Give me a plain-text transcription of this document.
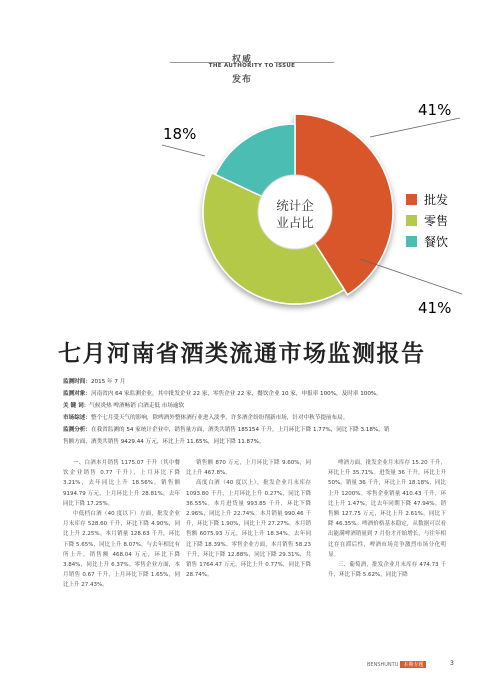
权威
THE AUTHORITY TO ISSUE
发布
41%
41%
18%
统计企
业占比
批发
零售
餐饮
七月河南省酒类流通市场监测报告
监测时间：2015 年 7 月
监测对象：河南省内 64 家监测企业，其中批发企业 22 家，零售企业 22 家，餐饮企业 10 家，申报率 100%，及时率 100%。
关 键 词：气候炎热 啤酒畅销 白酒走低 市场逾软
市场综述：整个七月受天气的影响，除啤酒外整体酒行业进入淡季，许多酒企纷纷削新市场，针对中秋节提前布局。
监测分析：在我省监测的 54 家统计企业中，销售量方面，酒类共销售 185154 千升，上月环比下降 1.77%，同比下降 3.18%。销
售额方面，酒类共销售 9429.44 万元，环比上升 11.65%，同比下降 11.87%。

一、白酒本月销售 1175.07 千升（其中餐饮企业销售 0.77 千升），上月环比下降 3.21%，去年同比上升 18.56%。销售额 9194.79 万元，上月环比上升 28.81%，去年同比下降 17.25%。

中低档白酒（40 度以下）方面，批发企业月末库存 528.60 千升，环比下降 4.90%，同比上升 2.25%。本月销量 128.63 千升，环比下降 5.65%，同比上升 8.07%。与去年相比有所上升，销售额 468.04 万元，环比下降 3.84%，同比上升 6.37%。零售企业方面，本月销售 0.67 千升，上月环比下降 1.65%，同比上升 27.43%。

销售额 870 万元，上月环比下降 9.60%，同比上升 467.8%。

高度白酒（40 度以上），批发企业月末库存 1093.80 千升，上月环比上升 0.27%，同比下降 36.55%。本月进货量 993.85 千升，环比下降 2.96%，同比上升 22.74%。本月销量 990.46 千升，环比下降 1.90%，同比上升 27.27%。本月销售额 6075.93 万元，环比上升 18.34%，去年同比下降 18.39%。零售企业方面，本月销售 58.23 千升，环比下降 12.88%，同比下降 29.31%，共销售 1764.47 万元，环比上升 0.77%，同比下降 28.74%。

啤酒方面，批发企业月末库存 15.20 千升，环比上升 35.71%。进货量 36 千升，环比上升 50%。销量 36 千升，环比上升 18.18%，同比上升 1200%。零售企业销量 410.43 千升，环比上升 1.47%，比去年同期下降 47.94%。销售额 127.75 万元，环比上升 2.61%，同比下降 46.35%。啤酒价格基本稳定，从数据可以看出能满啤酒销量到 7 月份才开始增长，与往年相比存在滞后性，啤酒市场竞争激烈市场分化明显。

三、葡萄酒，批发企业月末库存 474.73 千升，环比下降 5.62%，同比下降

BENSHUNTU 本期专题	3
